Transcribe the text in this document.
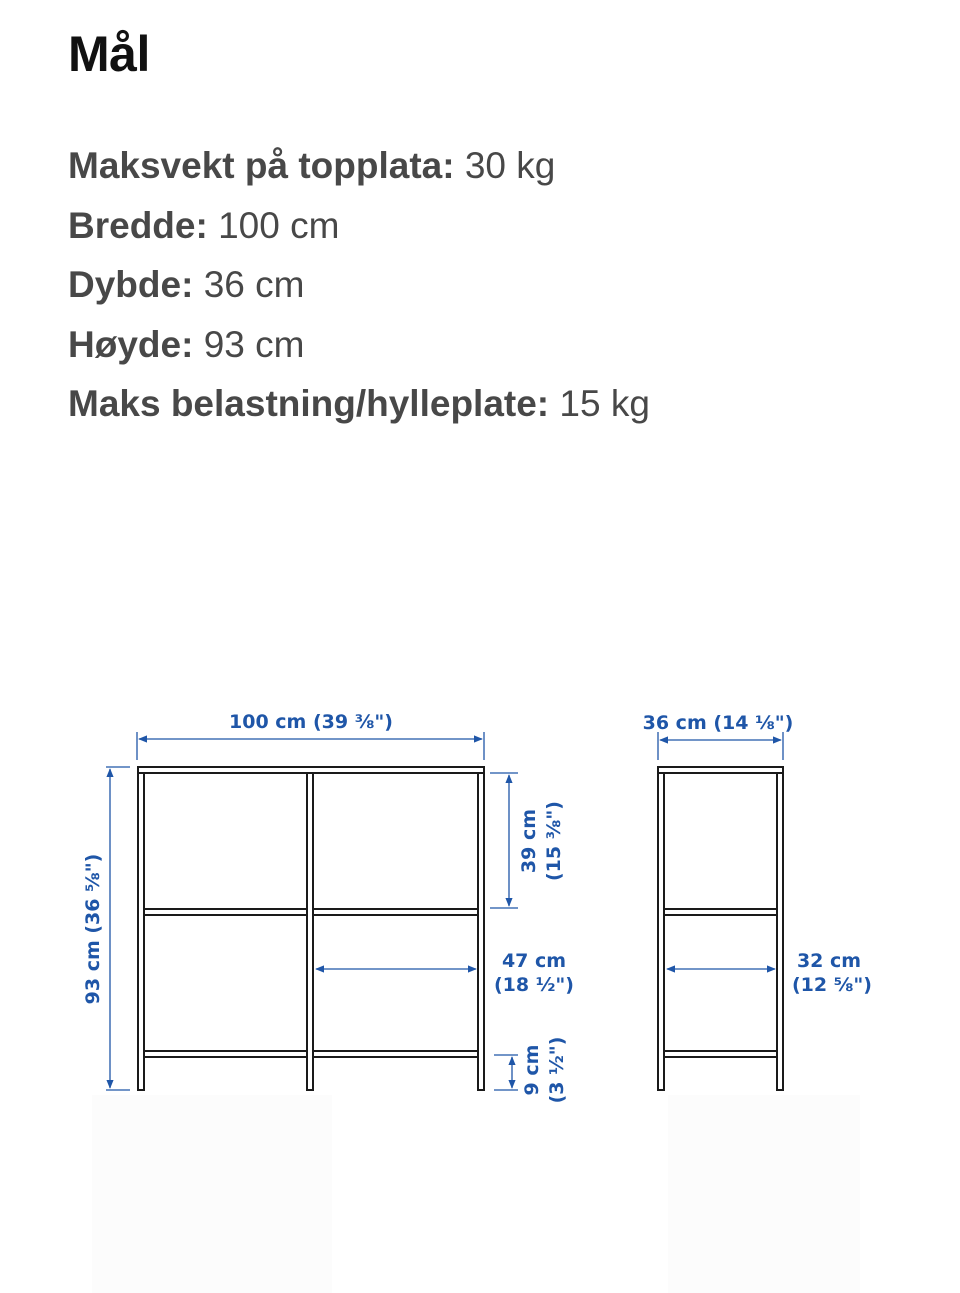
Mål
Maksvekt på topplata: 30 kg
Bredde: 100 cm
Dybde: 36 cm
Høyde: 93 cm
Maks belastning/hylleplate: 15 kg
100 cm (39 ⅜")
93 cm (36 ⅝")
39 cm (15 ⅜")
47 cm
(18 ½")
9 cm (3 ½")
36 cm (14 ⅛")
32 cm
(12 ⅝")
